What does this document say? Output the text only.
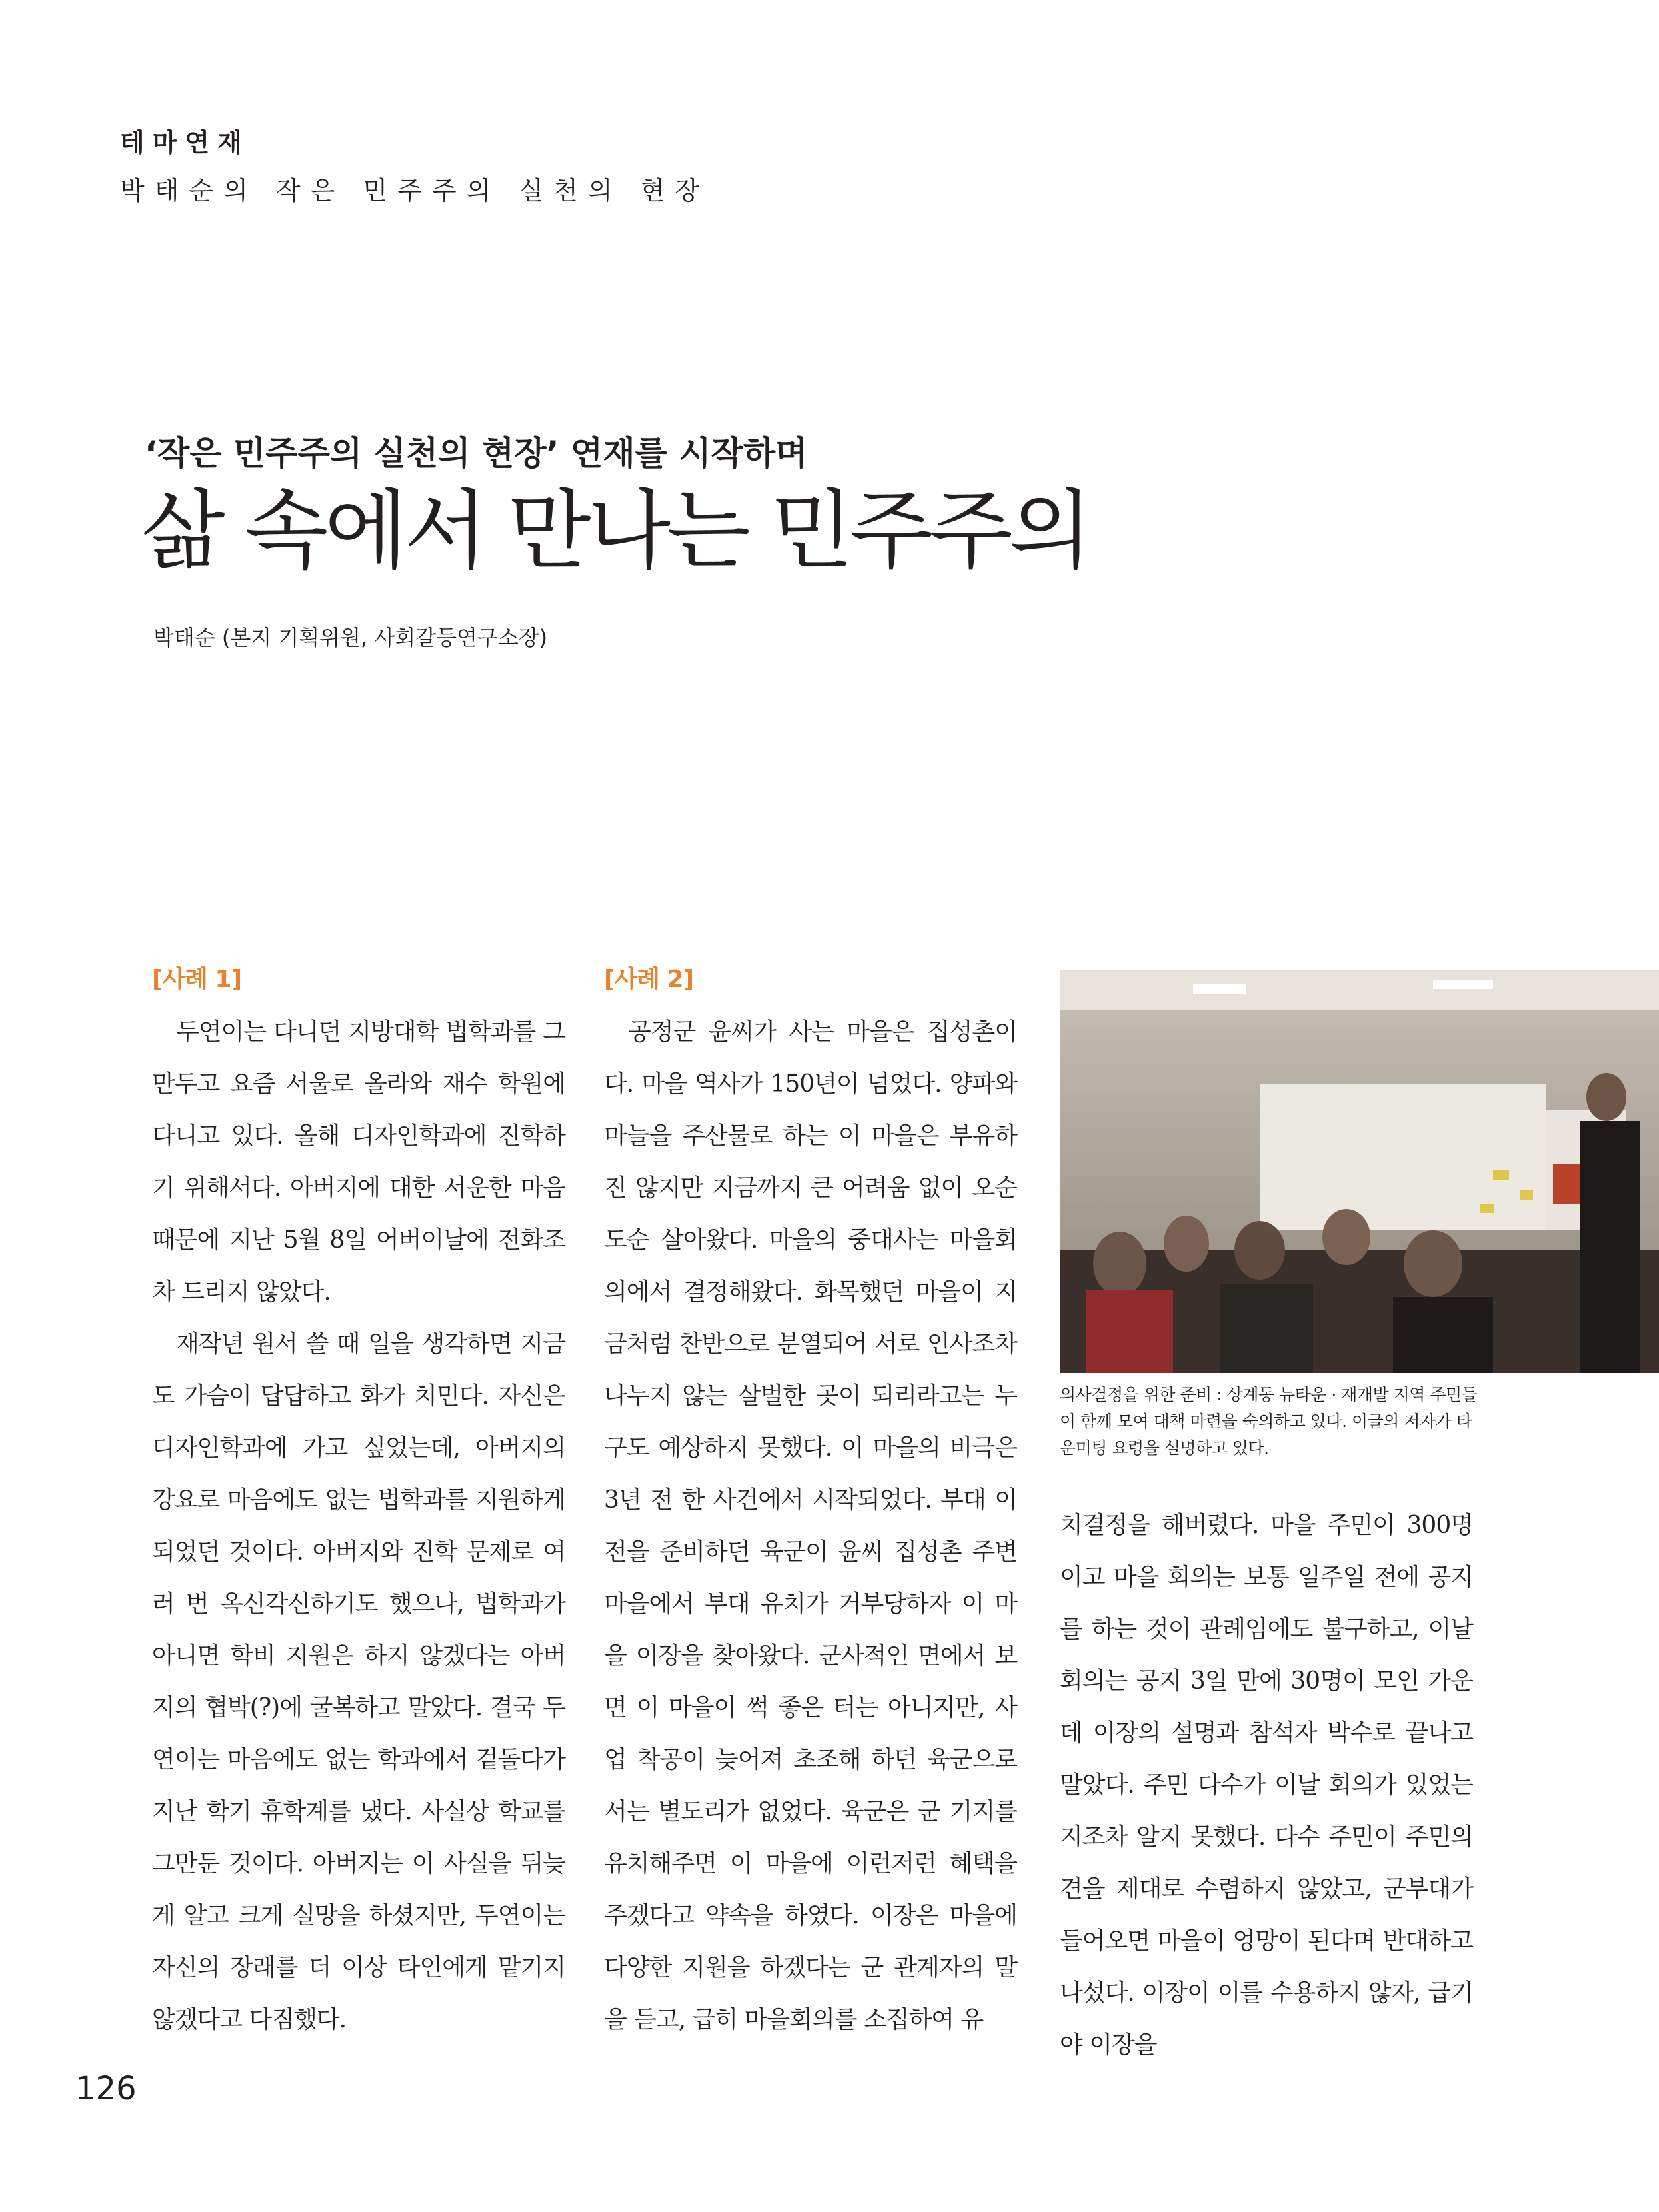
테마연재
박태순의 작은 민주주의 실천의 현장
‘작은 민주주의 실천의 현장’ 연재를 시작하며
삶 속에서 만나는 민주주의
박태순 (본지 기획위원, 사회갈등연구소장)
[사례 1]

두연이는 다니던 지방대학 법학과를 그만두고 요즘 서울로 올라와 재수 학원에 다니고 있다. 올해 디자인학과에 진학하기 위해서다. 아버지에 대한 서운한 마음 때문에 지난 5월 8일 어버이날에 전화조차 드리지 않았다.

재작년 원서 쓸 때 일을 생각하면 지금도 가슴이 답답하고 화가 치민다. 자신은 디자인학과에 가고 싶었는데, 아버지의 강요로 마음에도 없는 법학과를 지원하게 되었던 것이다. 아버지와 진학 문제로 여러 번 옥신각신하기도 했으나, 법학과가 아니면 학비 지원은 하지 않겠다는 아버지의 협박(?)에 굴복하고 말았다. 결국 두연이는 마음에도 없는 학과에서 겉돌다가 지난 학기 휴학계를 냈다. 사실상 학교를 그만둔 것이다. 아버지는 이 사실을 뒤늦게 알고 크게 실망을 하셨지만, 두연이는 자신의 장래를 더 이상 타인에게 맡기지 않겠다고 다짐했다.

[사례 2]

공정군 윤씨가 사는 마을은 집성촌이다. 마을 역사가 150년이 넘었다. 양파와 마늘을 주산물로 하는 이 마을은 부유하진 않지만 지금까지 큰 어려움 없이 오순도순 살아왔다. 마을의 중대사는 마을회의에서 결정해왔다. 화목했던 마을이 지금처럼 찬반으로 분열되어 서로 인사조차 나누지 않는 살벌한 곳이 되리라고는 누구도 예상하지 못했다. 이 마을의 비극은 3년 전 한 사건에서 시작되었다. 부대 이전을 준비하던 육군이 윤씨 집성촌 주변마을에서 부대 유치가 거부당하자 이 마을 이장을 찾아왔다. 군사적인 면에서 보면 이 마을이 썩 좋은 터는 아니지만, 사업 착공이 늦어져 초조해 하던 육군으로서는 별도리가 없었다. 육군은 군 기지를 유치해주면 이 마을에 이런저런 혜택을 주겠다고 약속을 하였다. 이장은 마을에 다양한 지원을 하겠다는 군 관계자의 말을 듣고, 급히 마을회의를 소집하여 유

의사결정을 위한 준비 : 상계동 뉴타운 · 재개발 지역 주민들이 함께 모여 대책 마련을 숙의하고 있다. 이글의 저자가 타운미팅 요령을 설명하고 있다.

치결정을 해버렸다. 마을 주민이 300명이고 마을 회의는 보통 일주일 전에 공지를 하는 것이 관례임에도 불구하고, 이날 회의는 공지 3일 만에 30명이 모인 가운데 이장의 설명과 참석자 박수로 끝나고 말았다. 주민 다수가 이날 회의가 있었는지조차 알지 못했다. 다수 주민이 주민의견을 제대로 수렴하지 않았고, 군부대가 들어오면 마을이 엉망이 된다며 반대하고 나섰다. 이장이 이를 수용하지 않자, 급기야 이장을

126
